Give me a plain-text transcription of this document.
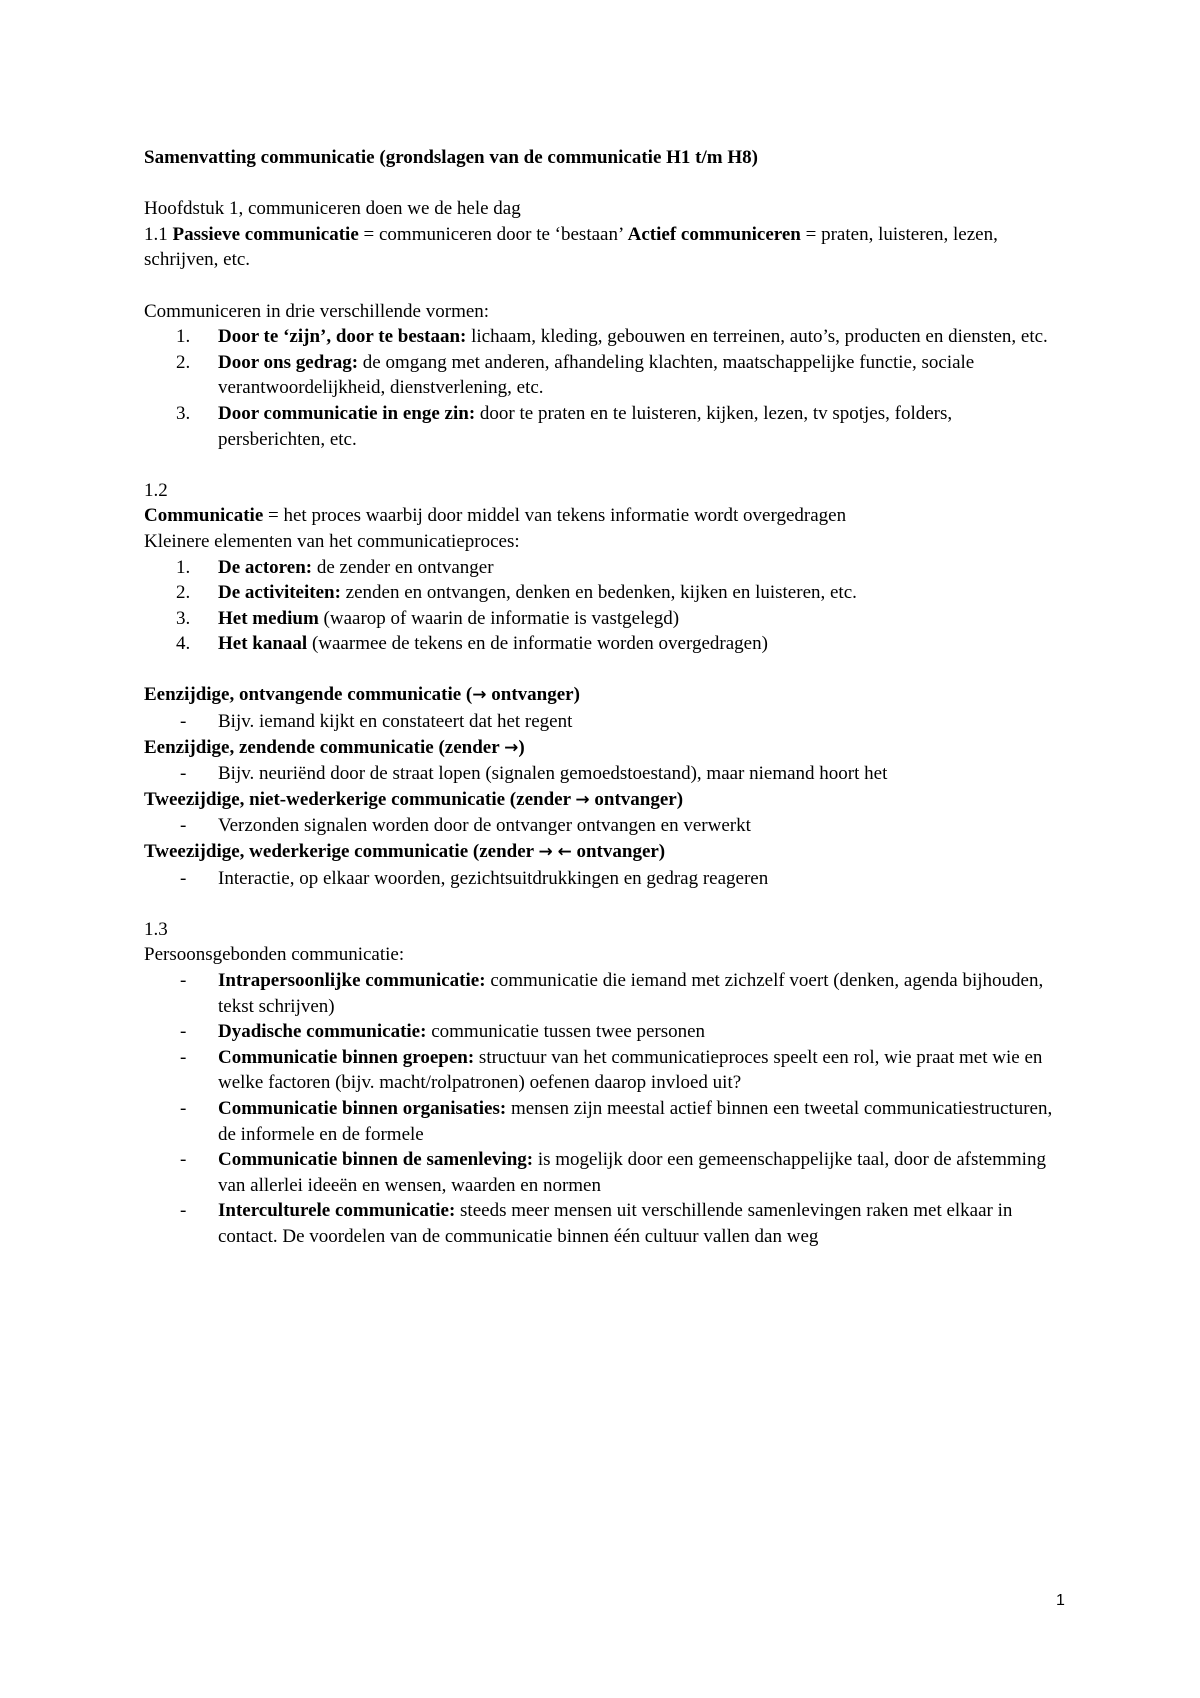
Samenvatting communicatie (grondslagen van de communicatie H1 t/m H8)

Hoofdstuk 1, communiceren doen we de hele dag

1.1 Passieve communicatie = communiceren door te ‘bestaan’ Actief communiceren = praten, luisteren, lezen, schrijven, etc.

Communiceren in drie verschillende vormen:

1.	Door te ‘zijn’, door te bestaan: lichaam, kleding, gebouwen en terreinen, auto’s, producten en diensten, etc.
2.	Door ons gedrag: de omgang met anderen, afhandeling klachten, maatschappelijke functie, sociale verantwoordelijkheid, dienstverlening, etc.
3.	Door communicatie in enge zin: door te praten en te luisteren, kijken, lezen, tv spotjes, folders, persberichten, etc.

1.2

Communicatie = het proces waarbij door middel van tekens informatie wordt overgedragen

Kleinere elementen van het communicatieproces:

1.	De actoren: de zender en ontvanger
2.	De activiteiten: zenden en ontvangen, denken en bedenken, kijken en luisteren, etc.
3.	Het medium (waarop of waarin de informatie is vastgelegd)
4.	Het kanaal (waarmee de tekens en de informatie worden overgedragen)

Eenzijdige, ontvangende communicatie (→ ontvanger)

- Bijv. iemand kijkt en constateert dat het regent

Eenzijdige, zendende communicatie (zender →)

- Bijv. neuriënd door de straat lopen (signalen gemoedstoestand), maar niemand hoort het

Tweezijdige, niet-wederkerige communicatie (zender → ontvanger)

- Verzonden signalen worden door de ontvanger ontvangen en verwerkt

Tweezijdige, wederkerige communicatie (zender → ← ontvanger)

- Interactie, op elkaar woorden, gezichtsuitdrukkingen en gedrag reageren

1.3

Persoonsgebonden communicatie:

- Intrapersoonlijke communicatie: communicatie die iemand met zichzelf voert (denken, agenda bijhouden, tekst schrijven)
- Dyadische communicatie: communicatie tussen twee personen
- Communicatie binnen groepen: structuur van het communicatieproces speelt een rol, wie praat met wie en welke factoren (bijv. macht/rolpatronen) oefenen daarop invloed uit?
- Communicatie binnen organisaties: mensen zijn meestal actief binnen een tweetal communicatiestructuren, de informele en de formele
- Communicatie binnen de samenleving: is mogelijk door een gemeenschappelijke taal, door de afstemming van allerlei ideeën en wensen, waarden en normen
- Interculturele communicatie: steeds meer mensen uit verschillende samenlevingen raken met elkaar in contact. De voordelen van de communicatie binnen één cultuur vallen dan weg
1
